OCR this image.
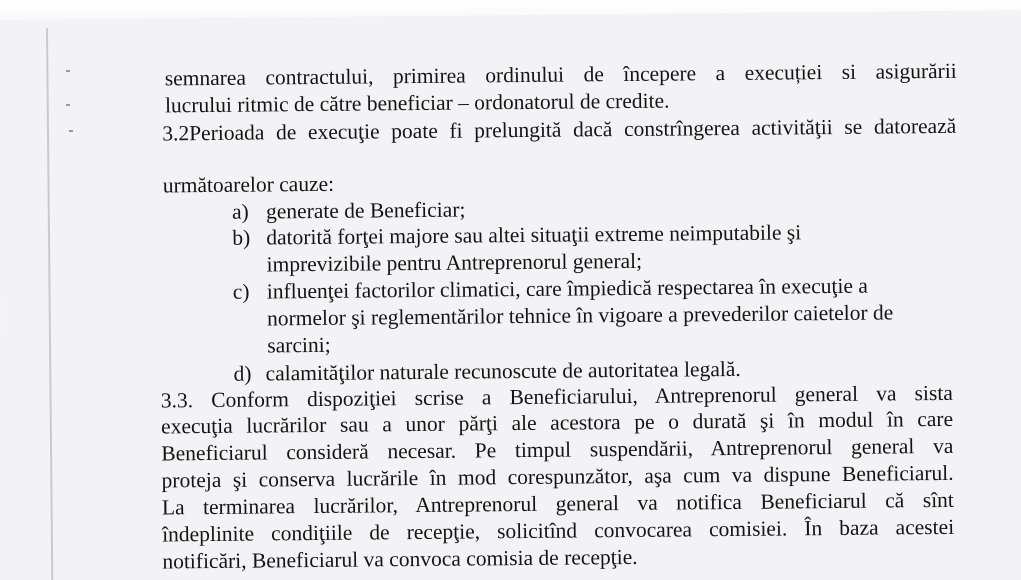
semnarea contractului, primirea ordinului de începere a execuției si asigurării
lucrului ritmic de către beneficiar – ordonatorul de credite.
3.2Perioada de execuţie poate fi prelungită dacă constrîngerea activităţii se datorează
următoarelor cauze:
a) generate de Beneficiar;
b) datorită forţei majore sau altei situaţii extreme neimputabile şi
imprevizibile pentru Antreprenorul general;
c) influenţei factorilor climatici, care împiedică respectarea în execuţie a
normelor şi reglementărilor tehnice în vigoare a prevederilor caietelor de
sarcini;
d) calamităţilor naturale recunoscute de autoritatea legală.
3.3. Conform dispoziţiei scrise a Beneficiarului, Antreprenorul general va sista
execuţia lucrărilor sau a unor părţi ale acestora pe o durată şi în modul în care
Beneficiarul consideră necesar. Pe timpul suspendării, Antreprenorul general va
proteja şi conserva lucrările în mod corespunzător, aşa cum va dispune Beneficiarul.
La terminarea lucrărilor, Antreprenorul general va notifica Beneficiarul că sînt
îndeplinite condiţiile de recepţie, solicitînd convocarea comisiei. În baza acestei
notificări, Beneficiarul va convoca comisia de recepţie.
